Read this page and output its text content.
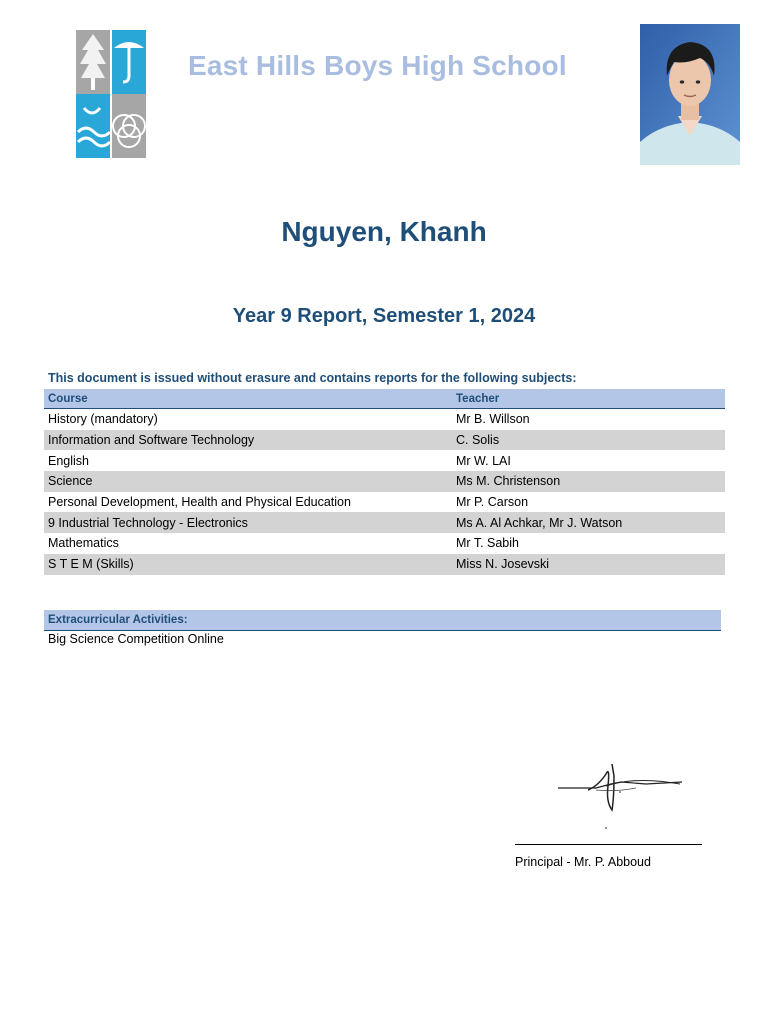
East Hills Boys High School
Nguyen, Khanh
Year 9 Report, Semester 1, 2024
This document is issued without erasure and contains reports for the following subjects:
Course	Teacher
History (mandatory)	Mr B. Willson
Information and Software Technology	C. Solis
English	Mr W. LAI
Science	Ms M. Christenson
Personal Development, Health and Physical Education	Mr P. Carson
9 Industrial Technology - Electronics	Ms A. Al Achkar, Mr J. Watson
Mathematics	Mr T. Sabih
S T E M (Skills)	Miss N. Josevski
Extracurricular Activities:
Big Science Competition Online
Principal - Mr. P. Abboud
